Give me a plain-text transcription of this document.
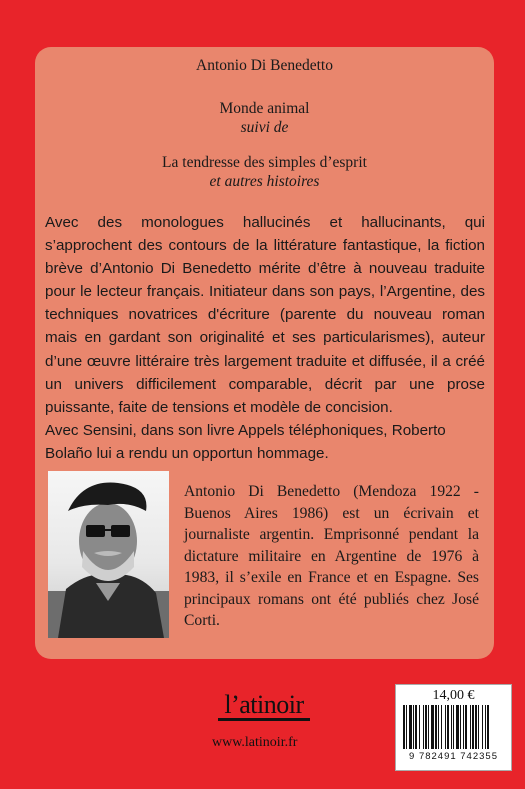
Antonio Di Benedetto
Monde animal
suivi de
La tendresse des simples d’esprit
et autres histoires

Avec des monologues hallucinés et hallucinants, qui s’approchent des contours de la littérature fantastique, la fiction brève d’Antonio Di Benedetto mérite d’être à nouveau traduite pour le lecteur français. Initiateur dans son pays, l’Argentine, des techniques novatrices d'écriture (parente du nouveau roman mais en gardant son originalité et ses particularismes), auteur d’une œuvre littéraire très largement traduite et diffusée, il a créé un univers difficilement comparable, décrit par une prose puissante, faite de tensions et modèle de concision.

Avec Sensini, dans son livre Appels téléphoniques, Roberto Bolaño lui a rendu un opportun hommage.

Antonio Di Benedetto (Mendoza 1922 - Buenos Aires 1986) est un écrivain et journaliste argentin. Emprisonné pendant la dictature militaire en Argentine de 1976 à 1983, il s’exile en France et en Espagne. Ses principaux romans ont été publiés chez José Corti.

l’atinoir
www.latinoir.fr
14,00 €
9 782491 742355
